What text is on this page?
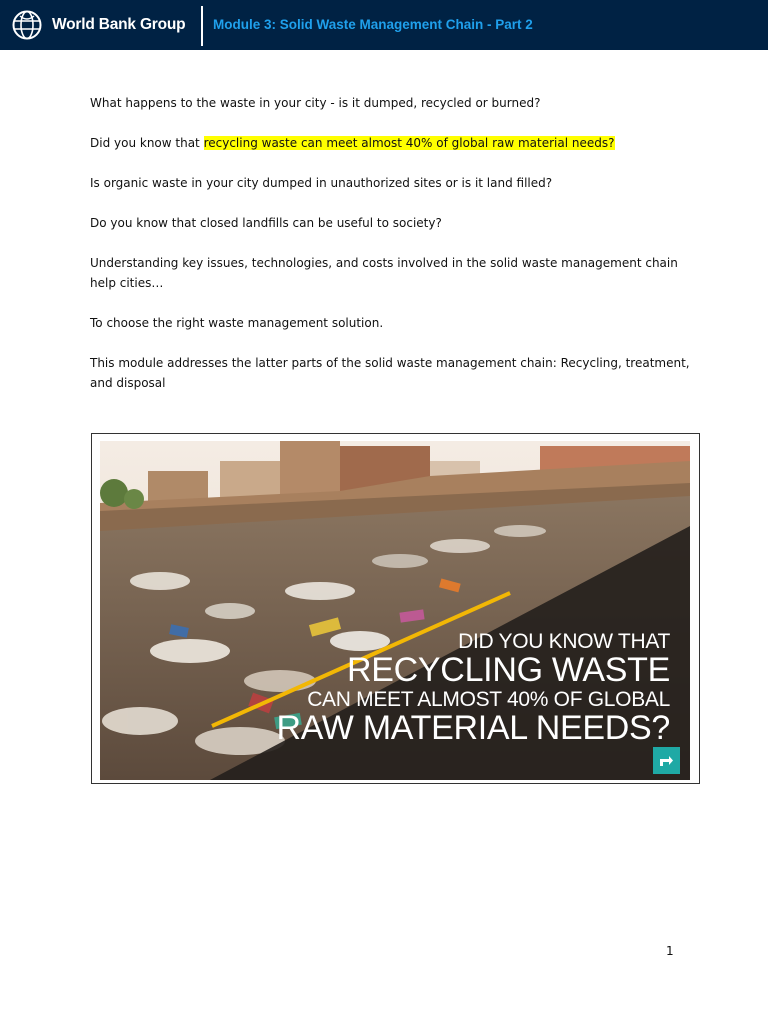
World Bank Group Module 3: Solid Waste Management Chain - Part 2

What happens to the waste in your city - is it dumped, recycled or burned?

Did you know that recycling waste can meet almost 40% of global raw material needs?

Is organic waste in your city dumped in unauthorized sites or is it land filled?

Do you know that closed landfills can be useful to society?

Understanding key issues, technologies, and costs involved in the solid waste management chain help cities…

To choose the right waste management solution.

This module addresses the latter parts of the solid waste management chain: Recycling, treatment, and disposal

DID YOU KNOW THAT
RECYCLING WASTE
CAN MEET ALMOST 40% OF GLOBAL
RAW MATERIAL NEEDS?
1
